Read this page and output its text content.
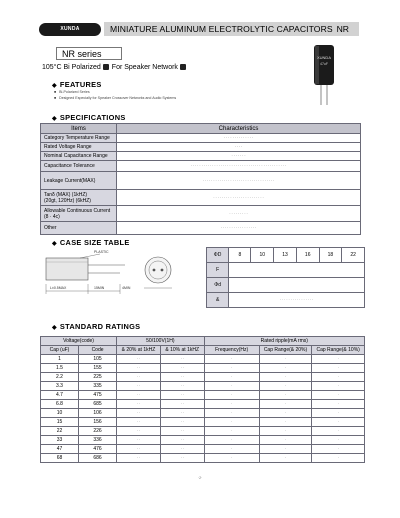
XUNDA	MINIATURE ALUMINUM ELECTROLYTIC CAPACITORS NR
NR series
105°C Bi Polarized For Speaker Network
XUNDA
47uF
◆ FEATURES
■ Bi-Polarized Series
■ Designed Especially for Speaker Crossover Networks and Audio Systems
◆ SPECIFICATIONS
Items	Characteristics
Category Temperature Range	· · · · · · · · · · · · · ·
Rated Voltage Range	· · · ·
Nominal Capacitance Range	· · · · · · ·
Capacitance Tolerance	· · · · · · · · · · · · · · · · · · · · · · · · · · · · · · · · · · · · · · · · · · · · ·
Leakage Current(MAX)	· · · · · · · · · · · · · · · · · · · · · · · · · · · · · · · · · ·
Tanδ (MAX) (1kHZ)
(20gt, 120Hz) (6kHZ)	· · · · · · · · · · · · · · · · · · · · · · · ·
Allowable Continuous Current
(8 · 4c)	· · · · · · · · ·
Other	· · · · · · · · · · · · · · · · ·
◆ CASE SIZE TABLE
PLASTIC
L±0.5MAX	15MIN	4MIN
ΦD	8	10	13	16	18	22
F						
Φd						
&	· · · · · · · · · · · · · · · ·					
◆ STANDARD RATINGS
Voltage(code)		50/100V(1H)		Rated ripple(mA rms)		
Cap (uF)	Code	& 20% at 1kHZ	& 10% at 1kHZ	Frequency(Hz)	Cap Range(& 20%)	Cap Range(& 10%)
1	105	· ·	· ·	·	·	·
1.5	155	· ·	· ·	·	·	·
2.2	225	· ·	· ·	·	·	·
3.3	335	· ·	· ·	·	·	·
4.7	475	· ·	· ·	·	·	·
6.8	685	· ·	· ·	·	·	·
10	106	· ·	· ·	·	·	·
15	156	· ·	· ·	·	·	·
22	226	· ·	· ·	·	·	·
33	336	· ·	· ·	·	·	·
47	476	· ·	· ·	·	·	·
68	686	· ·	· ·	·	·	·
·2·
